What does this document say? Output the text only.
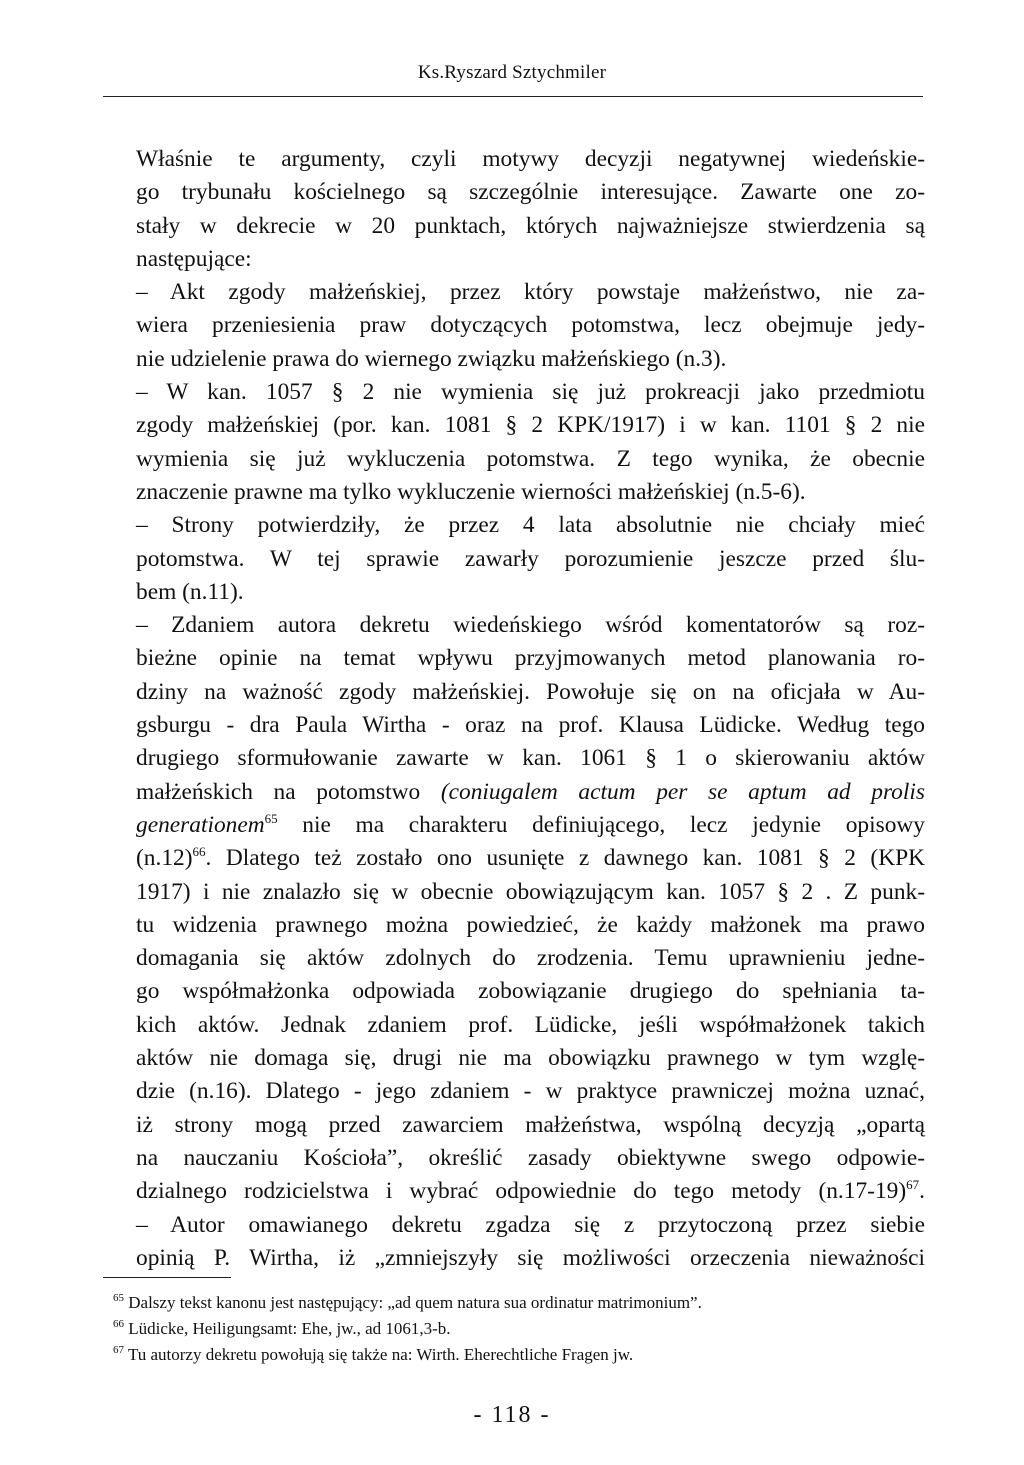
Ks.Ryszard Sztychmiler

Właśnie te argumenty, czyli motywy decyzji negatywnej wiedeńskie-
go trybunału kościelnego są szczególnie interesujące. Zawarte one zo-
stały w dekrecie w 20 punktach, których najważniejsze stwierdzenia są
następujące:

– Akt zgody małżeńskiej, przez który powstaje małżeństwo, nie za-
wiera przeniesienia praw dotyczących potomstwa, lecz obejmuje jedy-
nie udzielenie prawa do wiernego związku małżeńskiego (n.3).

– W kan. 1057 § 2 nie wymienia się już prokreacji jako przedmiotu
zgody małżeńskiej (por. kan. 1081 § 2 KPK/1917) i w kan. 1101 § 2 nie
wymienia się już wykluczenia potomstwa. Z tego wynika, że obecnie
znaczenie prawne ma tylko wykluczenie wierności małżeńskiej (n.5-6).

– Strony potwierdziły, że przez 4 lata absolutnie nie chciały mieć
potomstwa. W tej sprawie zawarły porozumienie jeszcze przed ślu-
bem (n.11).

– Zdaniem autora dekretu wiedeńskiego wśród komentatorów są roz-
bieżne opinie na temat wpływu przyjmowanych metod planowania ro-
dziny na ważność zgody małżeńskiej. Powołuje się on na oficjała w Au-
gsburgu - dra Paula Wirtha - oraz na prof. Klausa Lüdicke. Według tego
drugiego sformułowanie zawarte w kan. 1061 § 1 o skierowaniu aktów
małżeńskich na potomstwo (coniugalem actum per se aptum ad prolis
generationem$^{65}$ nie ma charakteru definiującego, lecz jedynie opisowy
$(n.12)^{66}$. Dlatego też zostało ono usunięte z dawnego kan. 1081 § 2 (KPK
1917) i nie znalazło się w obecnie obowiązującym kan. 1057 § 2 . Z punk-
tu widzenia prawnego można powiedzieć, że każdy małżonek ma prawo
domagania się aktów zdolnych do zrodzenia. Temu uprawnieniu jedne-
go współmałżonka odpowiada zobowiązanie drugiego do spełniania ta-
kich aktów. Jednak zdaniem prof. Lüdicke, jeśli współmałżonek takich
aktów nie domaga się, drugi nie ma obowiązku prawnego w tym wzglę-
dzie (n.16). Dlatego - jego zdaniem - w praktyce prawniczej można uznać,
iż strony mogą przed zawarciem małżeństwa, wspólną decyzją „opartą
na nauczaniu Kościoła”, określić zasady obiektywne swego odpowie-
dzialnego rodzicielstwa i wybrać odpowiednie do tego metody $(n.17-19)^{67}$.

– Autor omawianego dekretu zgadza się z przytoczoną przez siebie
opinią P. Wirtha, iż „zmniejszyły się możliwości orzeczenia nieważności

$^{65}$ Dalszy tekst kanonu jest następujący: „ad quem natura sua ordinatur matrimonium”.
$^{66}$ Lüdicke, Heiligungsamt: Ehe, jw., ad 1061,3-b.
$^{67}$ Tu autorzy dekretu powołują się także na: Wirth. Eherechtliche Fragen jw.
- 118 -
